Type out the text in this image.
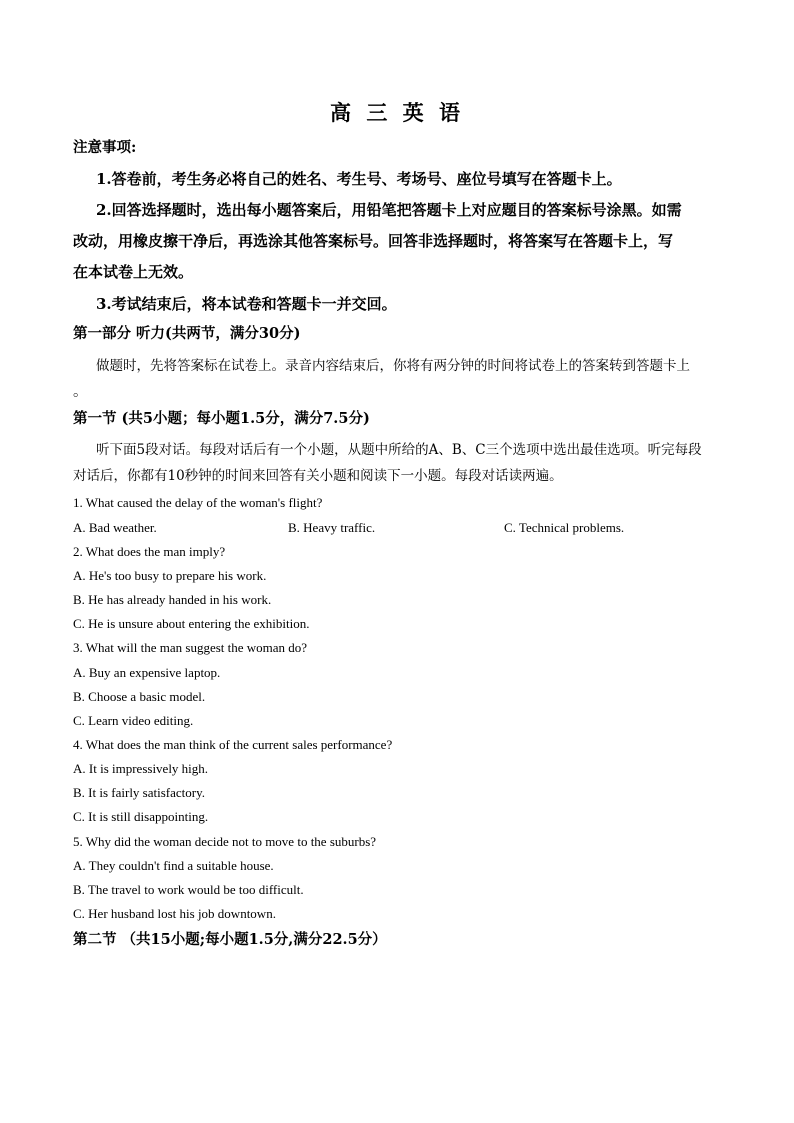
高 三 英 语
注意事项:
1.答卷前，考生务必将自己的姓名、考生号、考场号、座位号填写在答题卡上。
2.回答选择题时，选出每小题答案后，用铅笔把答题卡上对应题目的答案标号涂黑。如需
改动，用橡皮擦干净后，再选涂其他答案标号。回答非选择题时，将答案写在答题卡上，写
在本试卷上无效。
3.考试结束后，将本试卷和答题卡一并交回。
第一部分 听力(共两节，满分30分)
做题时，先将答案标在试卷上。录音内容结束后，你将有两分钟的时间将试卷上的答案转到答题卡上
。
第一节 (共5小题；每小题1.5分，满分7.5分)
听下面5段对话。每段对话后有一个小题，从题中所给的A、B、C三个选项中选出最佳选项。听完每段
对话后，你都有10秒钟的时间来回答有关小题和阅读下一小题。每段对话读两遍。
1. What caused the delay of the woman's flight?
A. Bad weather.	B. Heavy traffic.	C. Technical problems.
2. What does the man imply?
A. He's too busy to prepare his work.
B. He has already handed in his work.
C. He is unsure about entering the exhibition.
3. What will the man suggest the woman do?
A. Buy an expensive laptop.
B. Choose a basic model.
C. Learn video editing.
4. What does the man think of the current sales performance?
A. It is impressively high.
B. It is fairly satisfactory.
C. It is still disappointing.
5. Why did the woman decide not to move to the suburbs?
A. They couldn't find a suitable house.
B. The travel to work would be too difficult.
C. Her husband lost his job downtown.
第二节 （共15小题;每小题1.5分,满分22.5分）
